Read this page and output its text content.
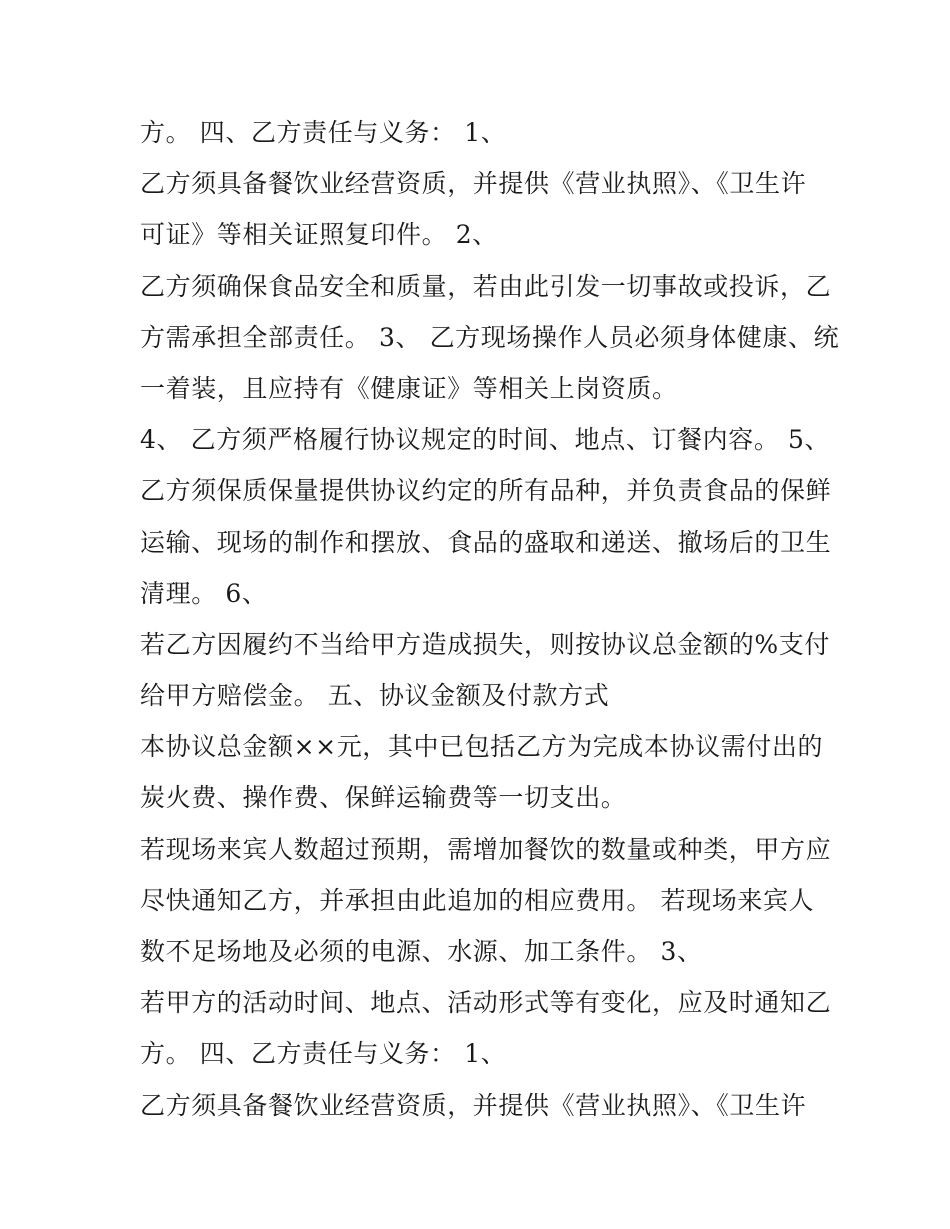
方。 四、乙方责任与义务： 1、
乙方须具备餐饮业经营资质，并提供《营业执照》、《卫生许
可证》等相关证照复印件。 2、
乙方须确保食品安全和质量，若由此引发一切事故或投诉，乙
方需承担全部责任。 3、 乙方现场操作人员必须身体健康、统
一着装，且应持有《健康证》等相关上岗资质。
4、 乙方须严格履行协议规定的时间、地点、订餐内容。 5、
乙方须保质保量提供协议约定的所有品种，并负责食品的保鲜
运输、现场的制作和摆放、食品的盛取和递送、撤场后的卫生
清理。 6、
若乙方因履约不当给甲方造成损失，则按协议总金额的%支付
给甲方赔偿金。 五、协议金额及付款方式
本协议总金额××元，其中已包括乙方为完成本协议需付出的
炭火费、操作费、保鲜运输费等一切支出。
若现场来宾人数超过预期，需增加餐饮的数量或种类，甲方应
尽快通知乙方，并承担由此追加的相应费用。 若现场来宾人
数不足场地及必须的电源、水源、加工条件。 3、
若甲方的活动时间、地点、活动形式等有变化，应及时通知乙
方。 四、乙方责任与义务： 1、
乙方须具备餐饮业经营资质，并提供《营业执照》、《卫生许
